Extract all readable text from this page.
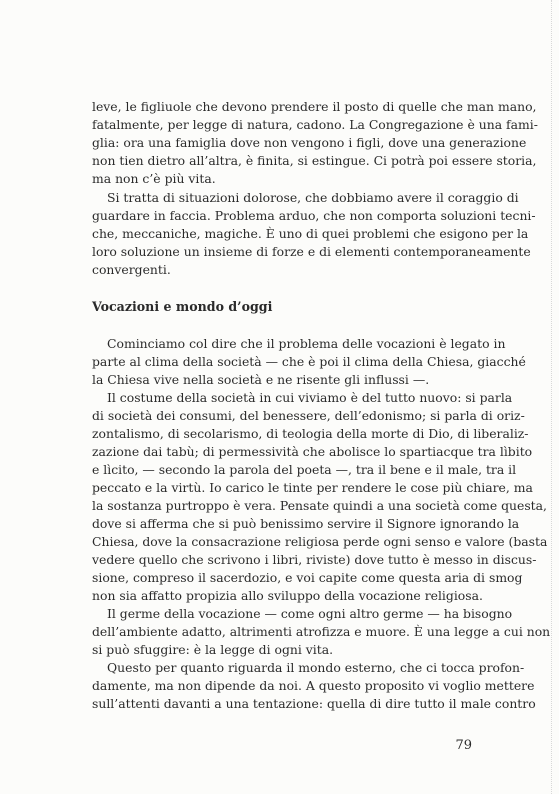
leve, le figliuole che devono prendere il posto di quelle che man mano,
fatalmente, per legge di natura, cadono. La Congregazione è una fami-
glia: ora una famiglia dove non vengono i figli, dove una generazione
non tien dietro all’altra, è finita, si estingue. Ci potrà poi essere storia,
ma non c’è più vita.
Si tratta di situazioni dolorose, che dobbiamo avere il coraggio di
guardare in faccia. Problema arduo, che non comporta soluzioni tecni-
che, meccaniche, magiche. È uno di quei problemi che esigono per la
loro soluzione un insieme di forze e di elementi contemporaneamente
convergenti.
Vocazioni e mondo d’oggi
Cominciamo col dire che il problema delle vocazioni è legato in
parte al clima della società — che è poi il clima della Chiesa, giacché
la Chiesa vive nella società e ne risente gli influssi —.
Il costume della società in cui viviamo è del tutto nuovo: si parla
di società dei consumi, del benessere, dell’edonismo; si parla di oriz-
zontalismo, di secolarismo, di teologia della morte di Dio, di liberaliz-
zazione dai tabù; di permessività che abolisce lo spartiacque tra lìbito
e lìcito, — secondo la parola del poeta —, tra il bene e il male, tra il
peccato e la virtù. Io carico le tinte per rendere le cose più chiare, ma
la sostanza purtroppo è vera. Pensate quindi a una società come questa,
dove si afferma che si può benissimo servire il Signore ignorando la
Chiesa, dove la consacrazione religiosa perde ogni senso e valore (basta
vedere quello che scrivono i libri, riviste) dove tutto è messo in discus-
sione, compreso il sacerdozio, e voi capite come questa aria di smog
non sia affatto propizia allo sviluppo della vocazione religiosa.
Il germe della vocazione — come ogni altro germe — ha bisogno
dell’ambiente adatto, altrimenti atrofizza e muore. È una legge a cui non
si può sfuggire: è la legge di ogni vita.
Questo per quanto riguarda il mondo esterno, che ci tocca profon-
damente, ma non dipende da noi. A questo proposito vi voglio mettere
sull’attenti davanti a una tentazione: quella di dire tutto il male contro
79
